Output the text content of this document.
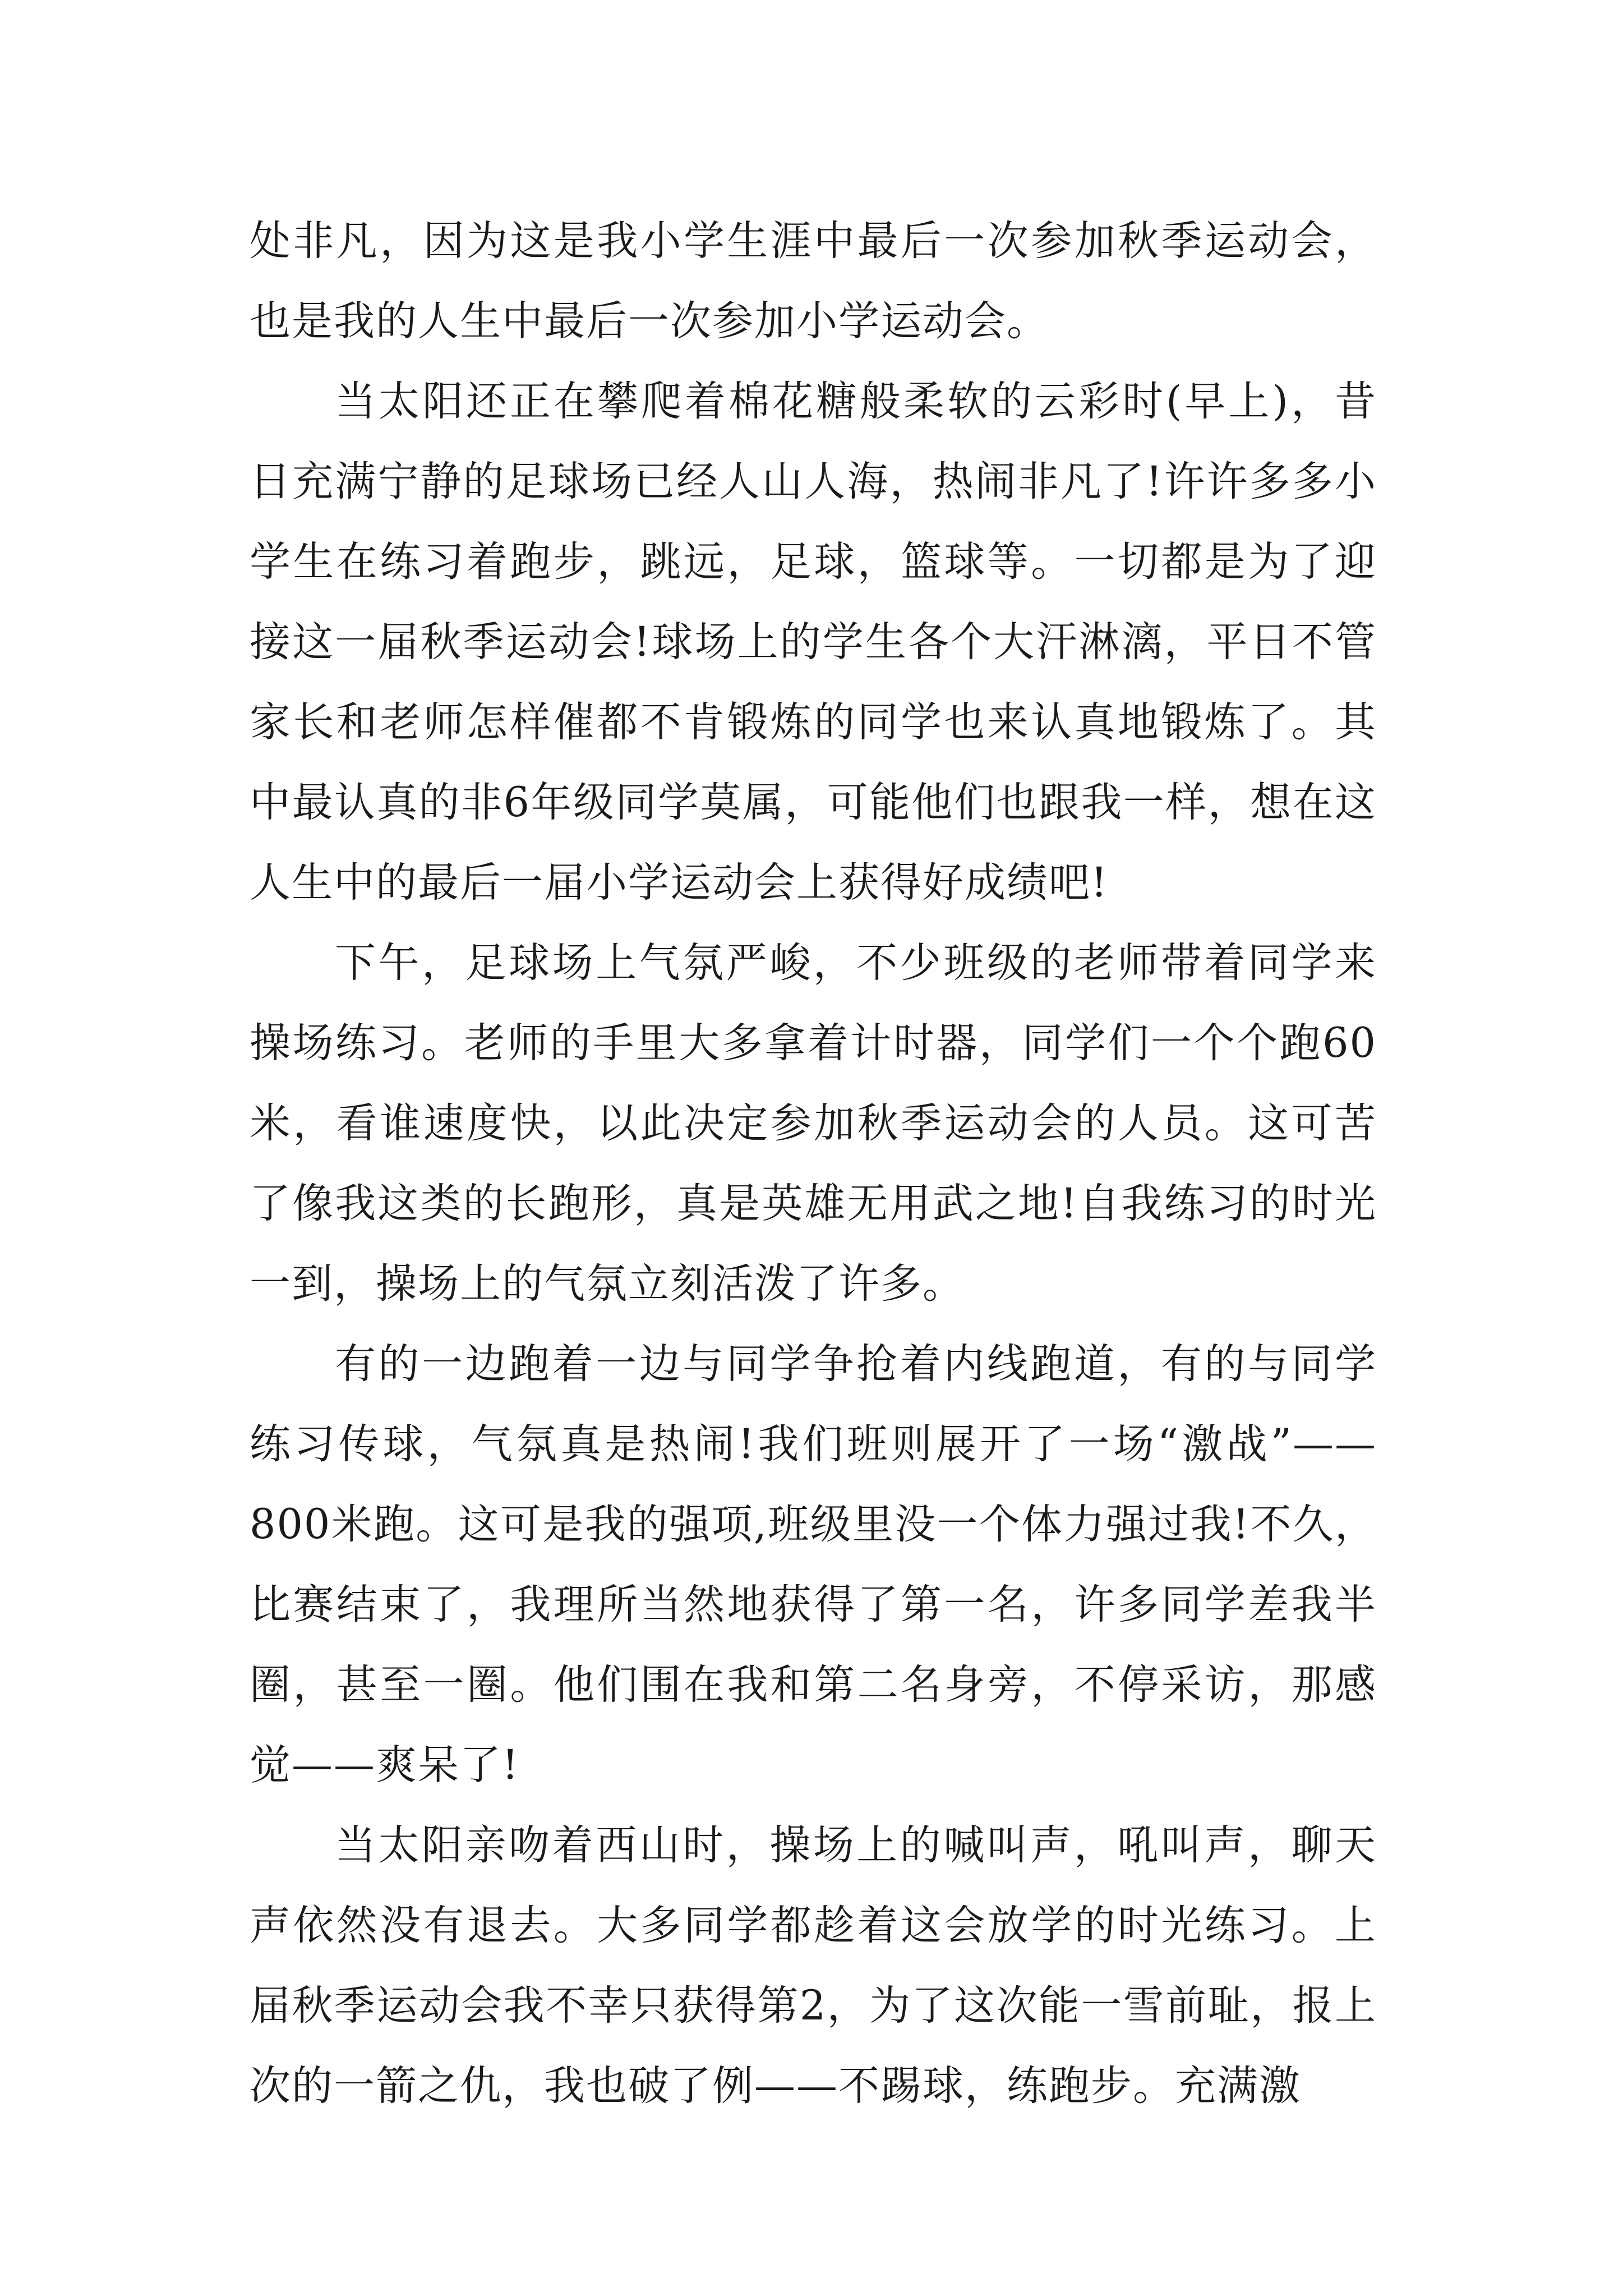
处非凡，因为这是我小学生涯中最后一次参加秋季运动会，也是我的人生中最后一次参加小学运动会。

当太阳还正在攀爬着棉花糖般柔软的云彩时(早上)，昔日充满宁静的足球场已经人山人海，热闹非凡了!许许多多小学生在练习着跑步，跳远，足球，篮球等。一切都是为了迎接这一届秋季运动会!球场上的学生各个大汗淋漓，平日不管家长和老师怎样催都不肯锻炼的同学也来认真地锻炼了。其中最认真的非6年级同学莫属，可能他们也跟我一样，想在这人生中的最后一届小学运动会上获得好成绩吧!

下午，足球场上气氛严峻，不少班级的老师带着同学来操场练习。老师的手里大多拿着计时器，同学们一个个跑60米，看谁速度快，以此决定参加秋季运动会的人员。这可苦了像我这类的长跑形，真是英雄无用武之地!自我练习的时光一到，操场上的气氛立刻活泼了许多。

有的一边跑着一边与同学争抢着内线跑道，有的与同学练习传球，气氛真是热闹!我们班则展开了一场“激战”——800米跑。这可是我的强项,班级里没一个体力强过我!不久，比赛结束了，我理所当然地获得了第一名，许多同学差我半圈，甚至一圈。他们围在我和第二名身旁，不停采访，那感觉——爽呆了!

当太阳亲吻着西山时，操场上的喊叫声，吼叫声，聊天声依然没有退去。大多同学都趁着这会放学的时光练习。上届秋季运动会我不幸只获得第2，为了这次能一雪前耻，报上次的一箭之仇，我也破了例——不踢球，练跑步。充满激
